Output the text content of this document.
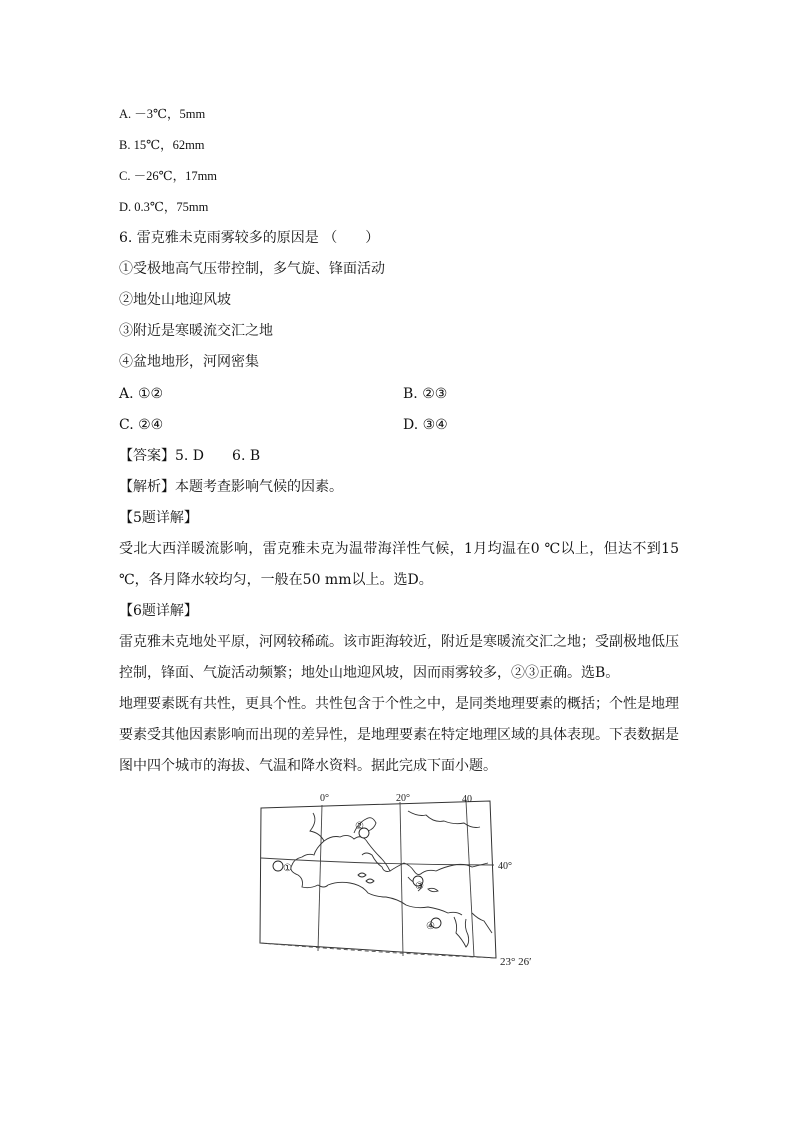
A. －3℃，5mm
B. 15℃，62mm
C. －26℃，17mm
D. 0.3℃，75mm
6. 雷克雅未克雨雾较多的原因是 （　　）
①受极地高气压带控制，多气旋、锋面活动
②地处山地迎风坡
③附近是寒暖流交汇之地
④盆地地形，河网密集
A. ①②	B. ②③
C. ②④	D. ③④
【答案】5. D　　6. B
【解析】本题考查影响气候的因素。
【5题详解】
受北大西洋暖流影响，雷克雅未克为温带海洋性气候，1月均温在0 ℃以上，但达不到15 ℃，各月降水较均匀，一般在50 mm以上。选D。
【6题详解】
雷克雅未克地处平原，河网较稀疏。该市距海较近，附近是寒暖流交汇之地；受副极地低压控制，锋面、气旋活动频繁；地处山地迎风坡，因而雨雾较多，②③正确。选B。
地理要素既有共性，更具个性。共性包含于个性之中，是同类地理要素的概括；个性是地理要素受其他因素影响而出现的差异性，是地理要素在特定地理区域的具体表现。下表数据是图中四个城市的海拔、气温和降水资料。据此完成下面小题。
0°	20°	40
40°
23° 26′
①
②
③
④
